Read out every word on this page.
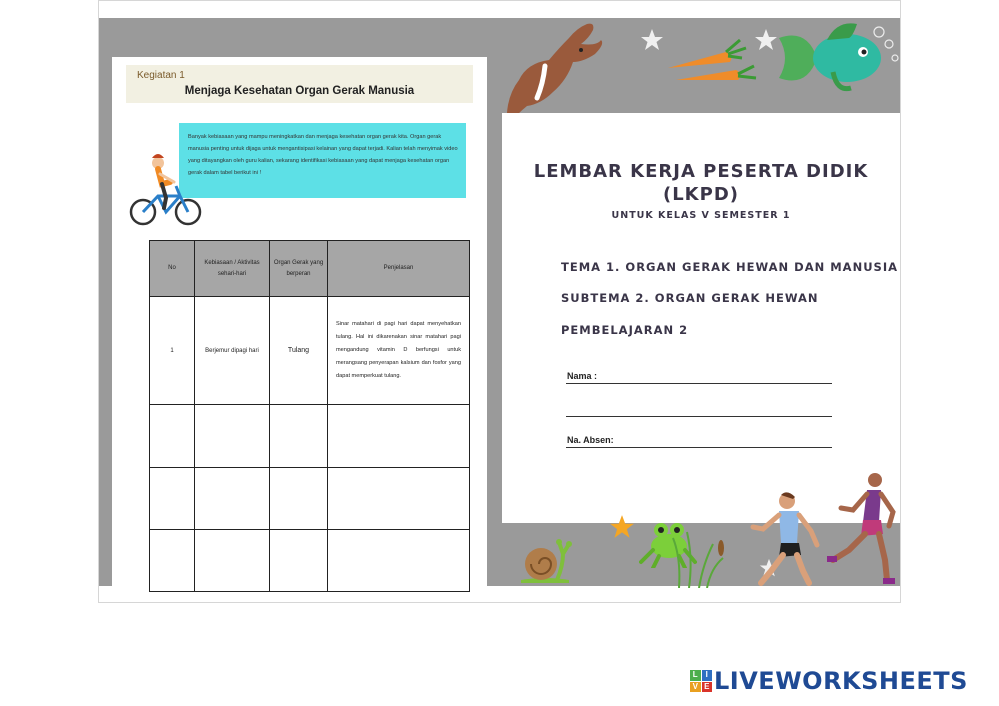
Kegiatan 1
Menjaga Kesehatan Organ Gerak Manusia
Banyak kebiasaan yang mampu meningkatkan dan menjaga kesehatan organ gerak kita. Organ gerak manusia penting untuk dijaga untuk mengantisipasi kelainan yang dapat terjadi. Kalian telah menyimak video yang ditayangkan oleh guru kalian, sekarang identifikasi kebiasaan yang dapat menjaga kesehatan organ gerak dalam tabel berikut ini !
No	Kebiasaan / Aktivitas sehari-hari	Organ Gerak yang berperan	Penjelasan
1	Berjemur dipagi hari	Tulang	Sinar matahari di pagi hari dapat menyehatkan tulang. Hal ini dikarenakan sinar matahari pagi mengandung vitamin D berfungsi untuk merangsang penyerapan kalsium dan fosfor yang dapat memperkuat tulang.

LEMBAR KERJA PESERTA DIDIK
(LKPD)
UNTUK KELAS V SEMESTER 1
TEMA 1. ORGAN GERAK HEWAN DAN MANUSIA
SUBTEMA 2. ORGAN GERAK HEWAN
PEMBELAJARAN 2
Nama :
Na. Absen:
L I
V E LIVEWORKSHEETS
